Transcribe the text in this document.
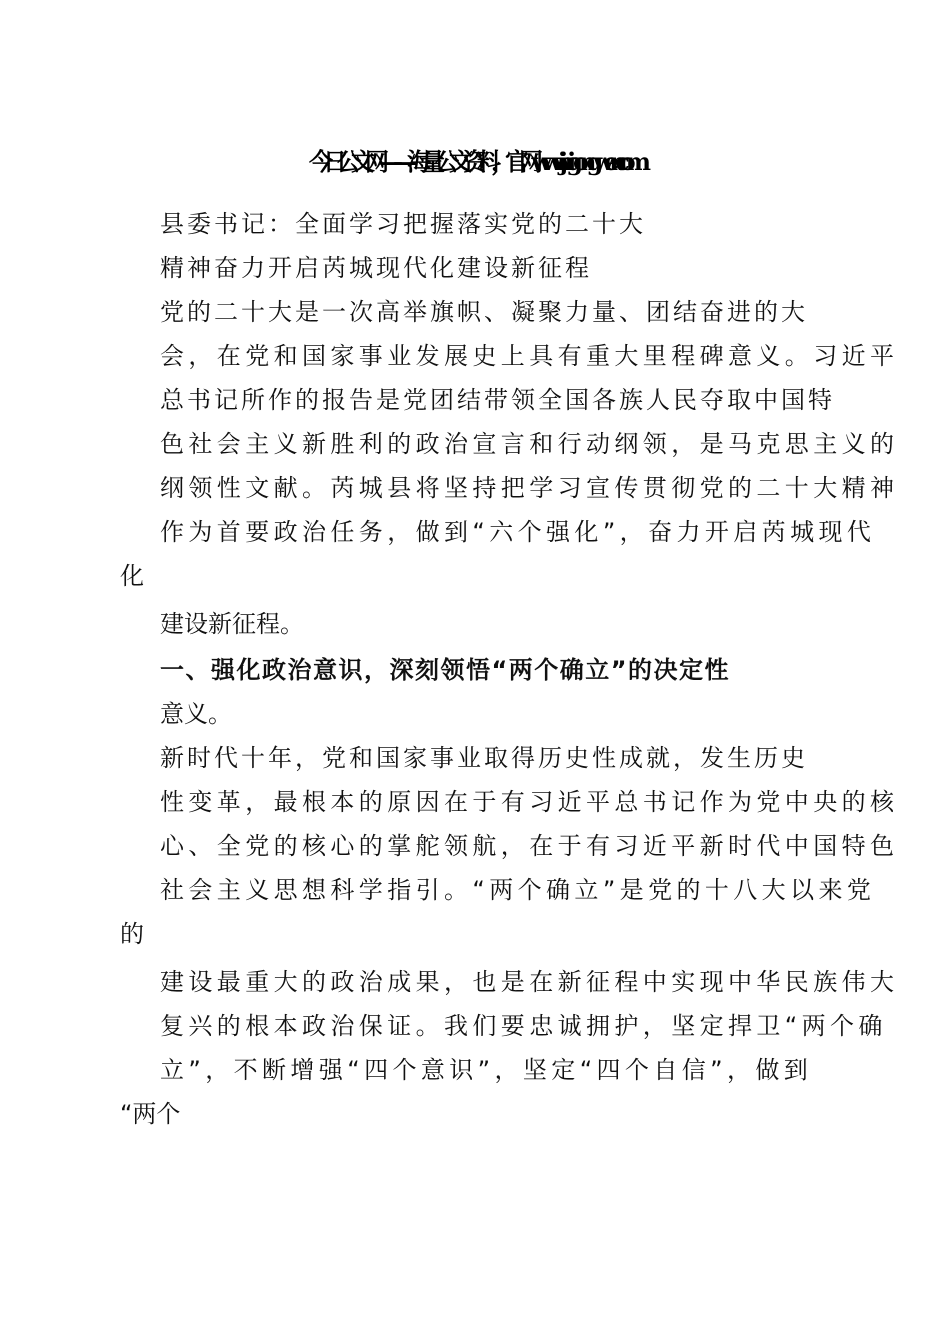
今日公文网——海量公文资料，官网 www.jinrigongwen.com
县委书记：全面学习把握落实党的二十大
精神奋力开启芮城现代化建设新征程
党的二十大是一次高举旗帜、凝聚力量、团结奋进的大
会，在党和国家事业发展史上具有重大里程碑意义。习近平
总书记所作的报告是党团结带领全国各族人民夺取中国特
色社会主义新胜利的政治宣言和行动纲领，是马克思主义的
纲领性文献。芮城县将坚持把学习宣传贯彻党的二十大精神
作为首要政治任务，做到“六个强化”，奋力开启芮城现代
化
建设新征程。
一、强化政治意识，深刻领悟“两个确立”的决定性
意义。
新时代十年，党和国家事业取得历史性成就，发生历史
性变革，最根本的原因在于有习近平总书记作为党中央的核
心、全党的核心的掌舵领航，在于有习近平新时代中国特色
社会主义思想科学指引。“两个确立”是党的十八大以来党
的
建设最重大的政治成果，也是在新征程中实现中华民族伟大
复兴的根本政治保证。我们要忠诚拥护，坚定捍卫“两个确
立”，不断增强“四个意识”，坚定“四个自信”，做到
“两个
